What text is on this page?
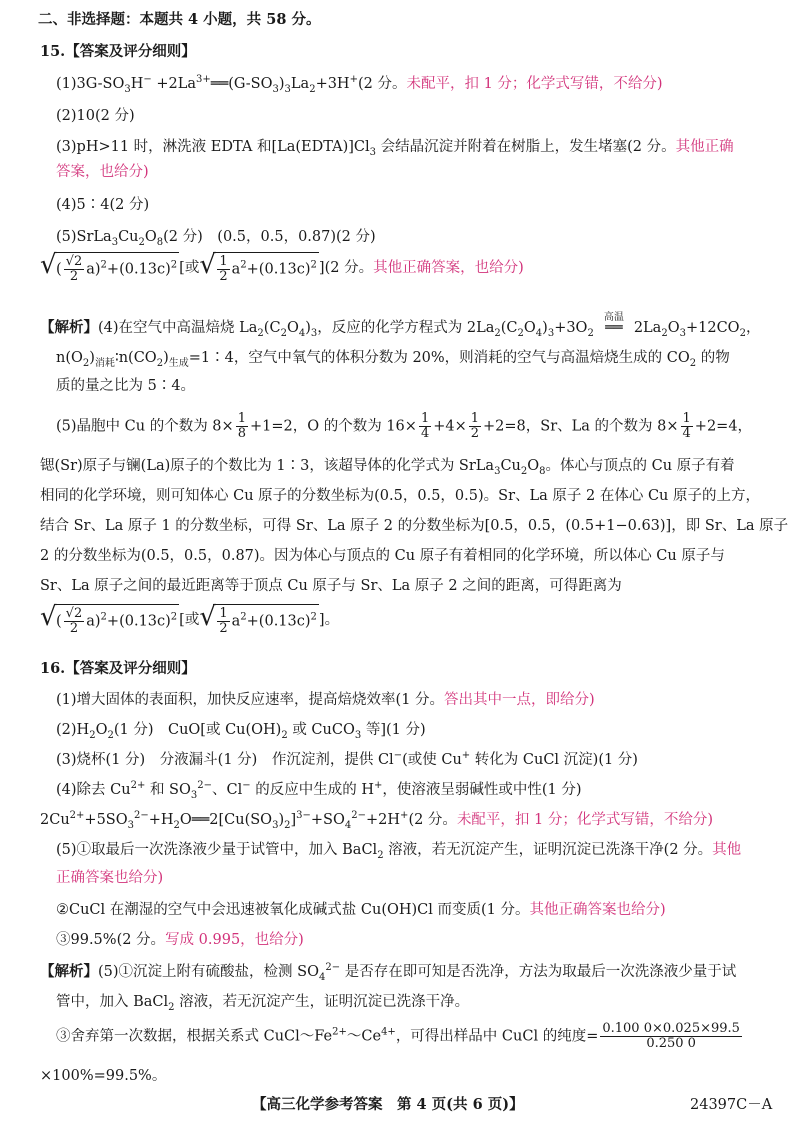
二、非选择题：本题共 4 小题，共 58 分。
15.【答案及评分细则】
$(1)3G-SO_3H^-$ $+2La^{3+}══(G-SO_3)_3La_2+3H^+(2$ 分。未配平，扣 1 分；化学式写错，不给分)
(2)10(2 分)
(3)pH>11 时，淋洗液 EDTA 和$[La(EDTA)]Cl_3$ 会结晶沉淀并附着在树脂上，发生堵塞(2 分。其他正确
答案，也给分)
(4)5∶4(2 分)
$(5)SrLa_3Cu_2O_8(2$ 分)　(0.5，0.5，0.87)(2 分)
√ ( $\frac{√2}{2} a)^2+(0.13c)^2$ [或 √ $\frac{1}{2} a^2+(0.13c)^2$ ](2 分。其他正确答案，也给分)
【解析】(4)在空气中高温焙烧 $La_2(C_2O_4)_3$，反应的化学方程式为 $2La_2(C_2O_4)_3+3O_2$
高温
══ $2La_2O_3+12CO_2$，
$n(O_2)_{消耗}∶n(CO_2)_{生成}=1∶4$，空气中氧气的体积分数为 20%，则消耗的空气与高温焙烧生成的 $CO_2$ 的物
质的量之比为 5∶4。
(5)晶胞中 Cu 的个数为 $8\times \frac{1}{8} +1=2$，O 的个数为 $16\times \frac{1}{4} +4\times \frac{1}{2} +2=8$，Sr、La 的个数为 $8\times \frac{1}{4} +2=4$，
锶(Sr)原子与镧(La)原子的个数比为 1∶3，该超导体的化学式为 $SrLa_3Cu_2O_8$。体心与顶点的 Cu 原子有着
相同的化学环境，则可知体心 Cu 原子的分数坐标为(0.5，0.5，0.5)。Sr、La 原子 2 在体心 Cu 原子的上方，
结合 Sr、La 原子 1 的分数坐标，可得 Sr、La 原子 2 的分数坐标为[0.5，0.5，(0.5+1−0.63)]，即 Sr、La 原子
2 的分数坐标为(0.5，0.5，0.87)。因为体心与顶点的 Cu 原子有着相同的化学环境，所以体心 Cu 原子与
Sr、La 原子之间的最近距离等于顶点 Cu 原子与 Sr、La 原子 2 之间的距离，可得距离为
√ ( $\frac{√2}{2} a)^2+(0.13c)^2$ [或 √ $\frac{1}{2} a^2+(0.13c)^2$ ]。
16.【答案及评分细则】
(1)增大固体的表面积，加快反应速率，提高焙烧效率(1 分。答出其中一点，即给分)
$(2)H_2O_2(1$ 分)　CuO[或 $Cu(OH)_2$ 或 CuCO$_3$ 等](1 分)
(3)烧杯(1 分)　分液漏斗(1 分)　作沉淀剂，提供 Cl−(或使 Cu+ 转化为 CuCl 沉淀)(1 分)
(4)除去 $Cu^{2+}$ 和 $SO_3^{2-}$、Cl− 的反应中生成的 H+，使溶液呈弱碱性或中性(1 分)
$2Cu^{2+}+5SO_3^{2-}+H_2O══2[Cu(SO_3)_2]^{3-}+SO_4^{2-}+2H^+(2$ 分。未配平，扣 1 分；化学式写错，不给分)
(5)①取最后一次洗涤液少量于试管中，加入 BaCl$_2$ 溶液，若无沉淀产生，证明沉淀已洗涤干净(2 分。其他
正确答案也给分)
②CuCl 在潮湿的空气中会迅速被氧化成碱式盐 Cu(OH)Cl 而变质(1 分。其他正确答案也给分)
③99.5%(2 分。写成 0.995，也给分)
【解析】(5)①沉淀上附有硫酸盐，检测 $SO_4^{2-}$ 是否存在即可知是否洗净，方法为取最后一次洗涤液少量于试
管中，加入 BaCl$_2$ 溶液，若无沉淀产生，证明沉淀已洗涤干净。
③舍弃第一次数据，根据关系式 $CuCl\sim Fe^{2+}\sim Ce^{4+}$，可得出样品中 CuCl 的纯度= $\frac{0.100 0\times 0.025\times 99.5}{0.250 0}$
×100%=99.5%。
【高三化学参考答案　第 4 页(共 6 页)】	24397C－A
